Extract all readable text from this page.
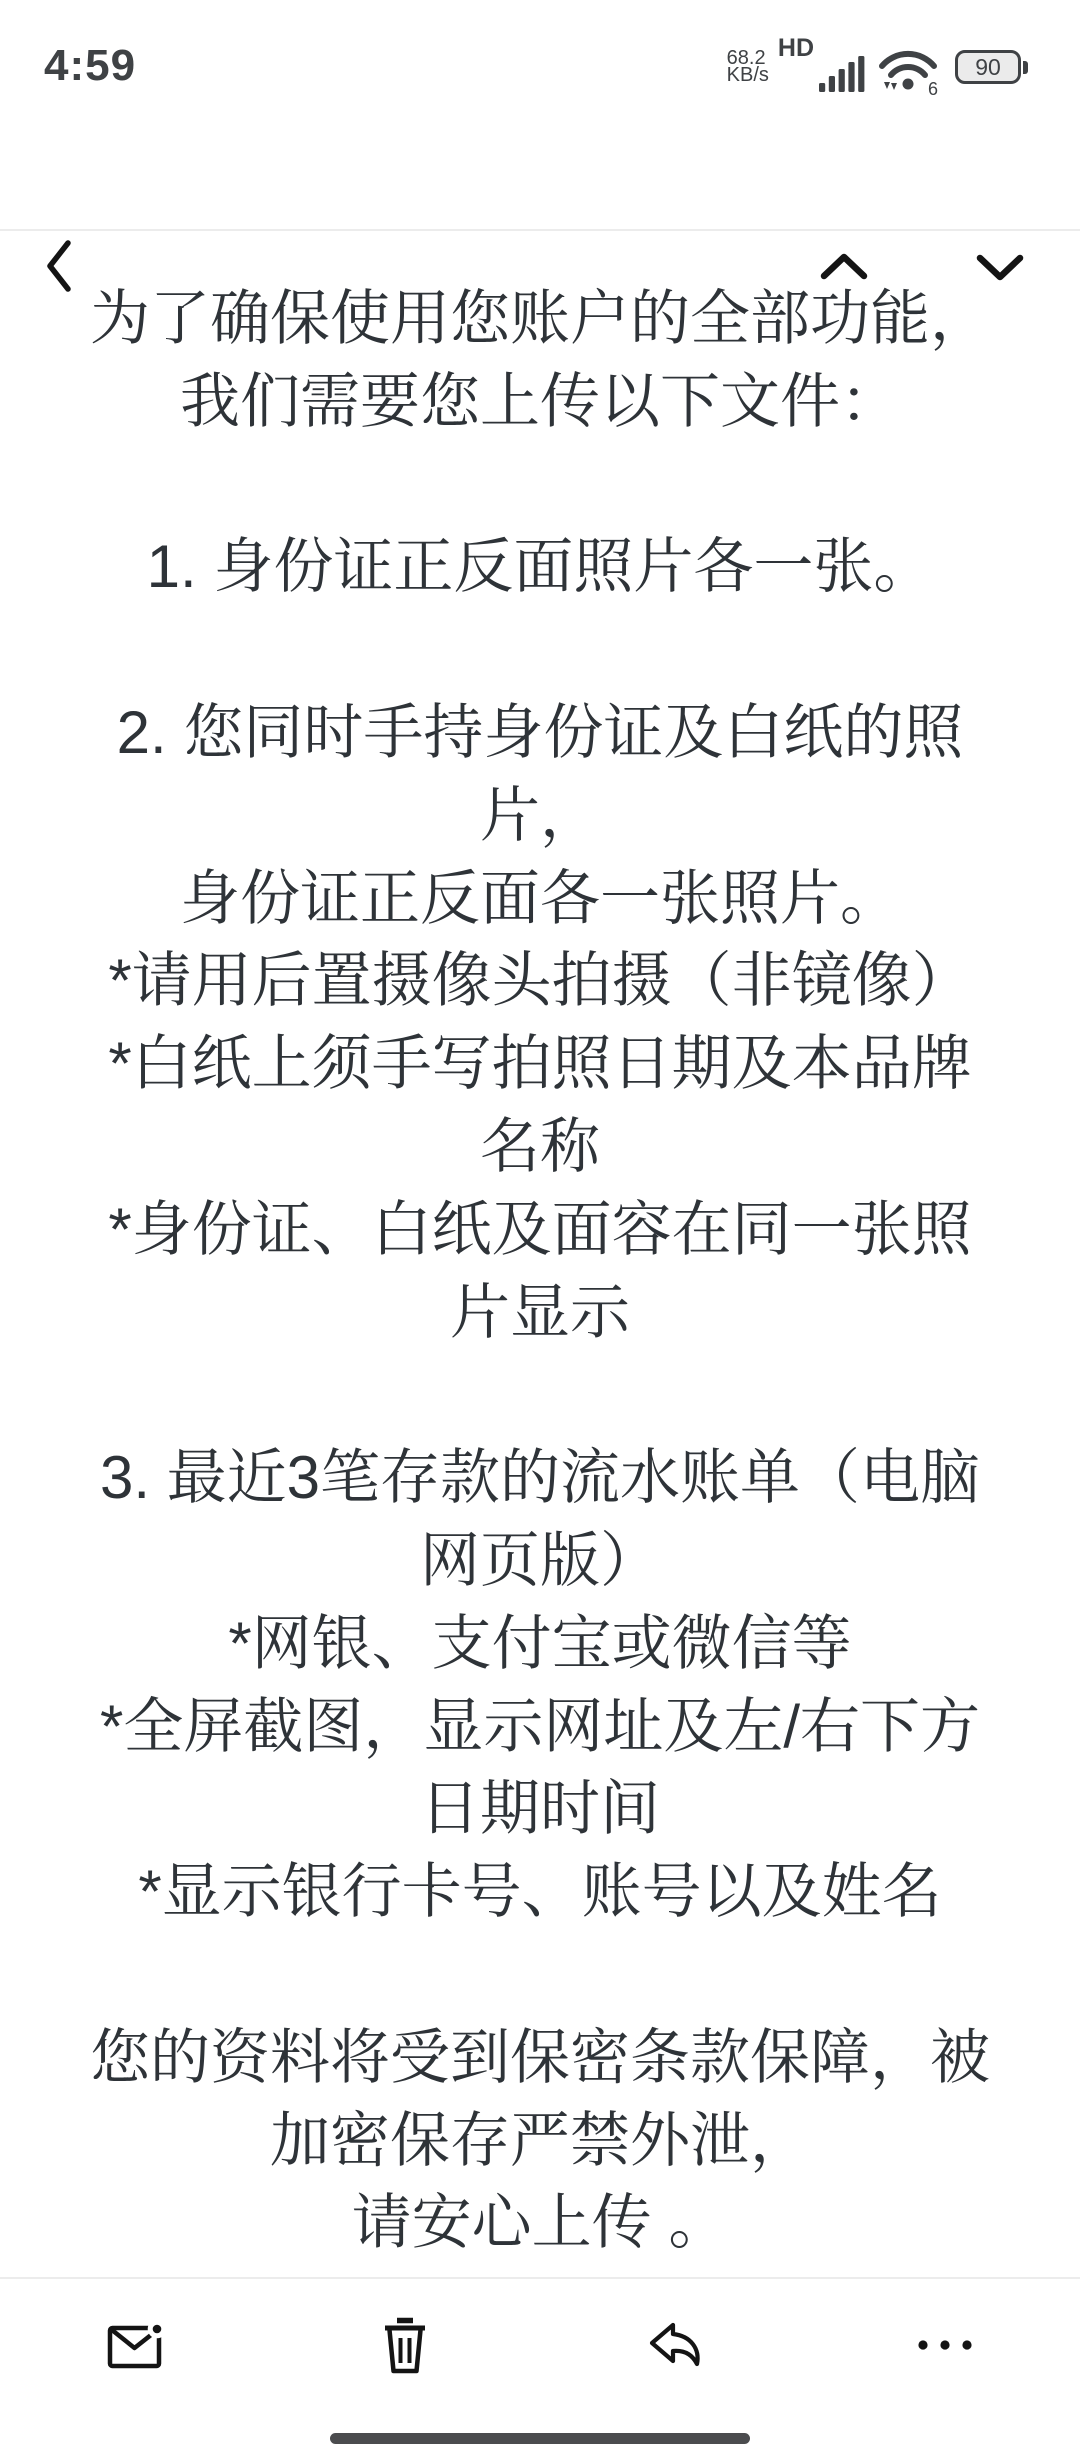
4:59	68.2
KB/s
HD
6
90
为了确保使用您账户的全部功能，
我们需要您上传以下文件：
1. 身份证正反面照片各一张。
2. 您同时手持身份证及白纸的照
片，
身份证正反面各一张照片。
*请用后置摄像头拍摄（非镜像）
*白纸上须手写拍照日期及本品牌
名称
*身份证、白纸及面容在同一张照
片显示
3. 最近3笔存款的流水账单（电脑
网页版）
*网银、支付宝或微信等
*全屏截图，显示网址及左/右下方
日期时间
*显示银行卡号、账号以及姓名
您的资料将受到保密条款保障，被
加密保存严禁外泄，
请安心上传 。
